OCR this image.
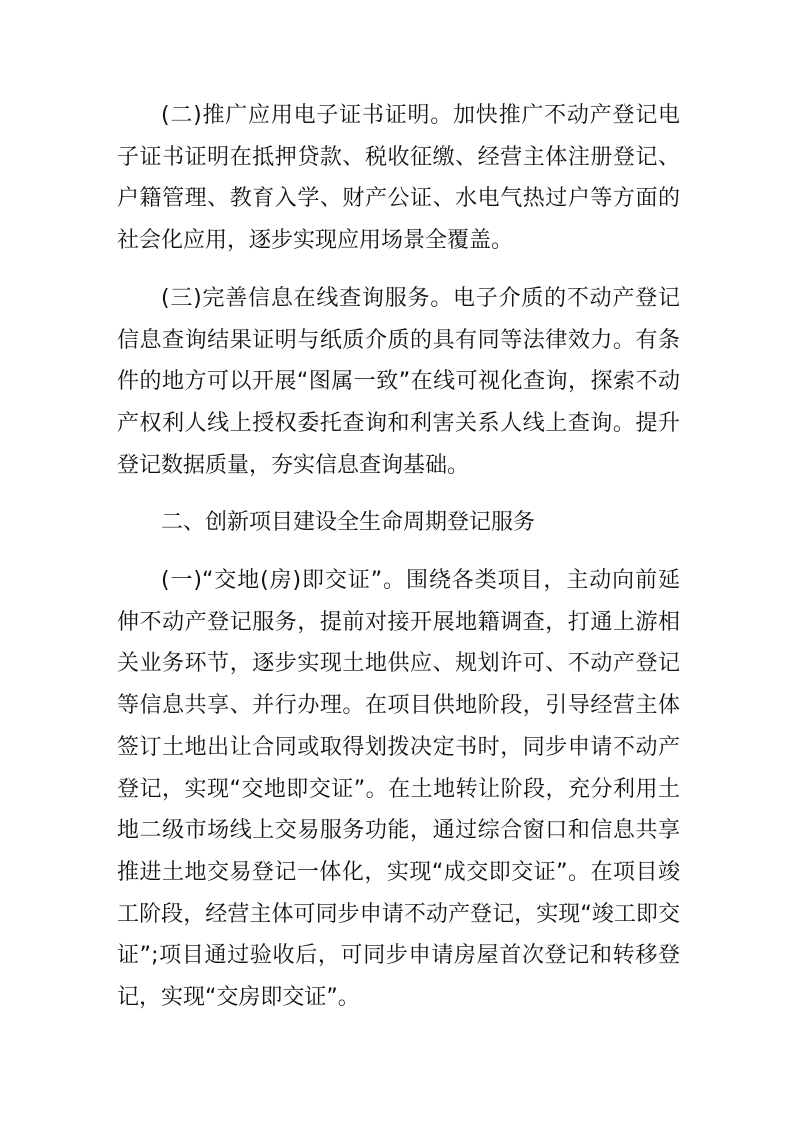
(二)推广应用电子证书证明。加快推广不动产登记电子证书证明在抵押贷款、税收征缴、经营主体注册登记、户籍管理、教育入学、财产公证、水电气热过户等方面的社会化应用，逐步实现应用场景全覆盖。

(三)完善信息在线查询服务。电子介质的不动产登记信息查询结果证明与纸质介质的具有同等法律效力。有条件的地方可以开展“图属一致”在线可视化查询，探索不动产权利人线上授权委托查询和利害关系人线上查询。提升登记数据质量，夯实信息查询基础。

二、创新项目建设全生命周期登记服务

(一)“交地(房)即交证”。围绕各类项目，主动向前延伸不动产登记服务，提前对接开展地籍调查，打通上游相关业务环节，逐步实现土地供应、规划许可、不动产登记等信息共享、并行办理。在项目供地阶段，引导经营主体签订土地出让合同或取得划拨决定书时，同步申请不动产登记，实现“交地即交证”。在土地转让阶段，充分利用土地二级市场线上交易服务功能，通过综合窗口和信息共享推进土地交易登记一体化，实现“成交即交证”。在项目竣工阶段，经营主体可同步申请不动产登记，实现“竣工即交证”;项目通过验收后，可同步申请房屋首次登记和转移登记，实现“交房即交证”。
